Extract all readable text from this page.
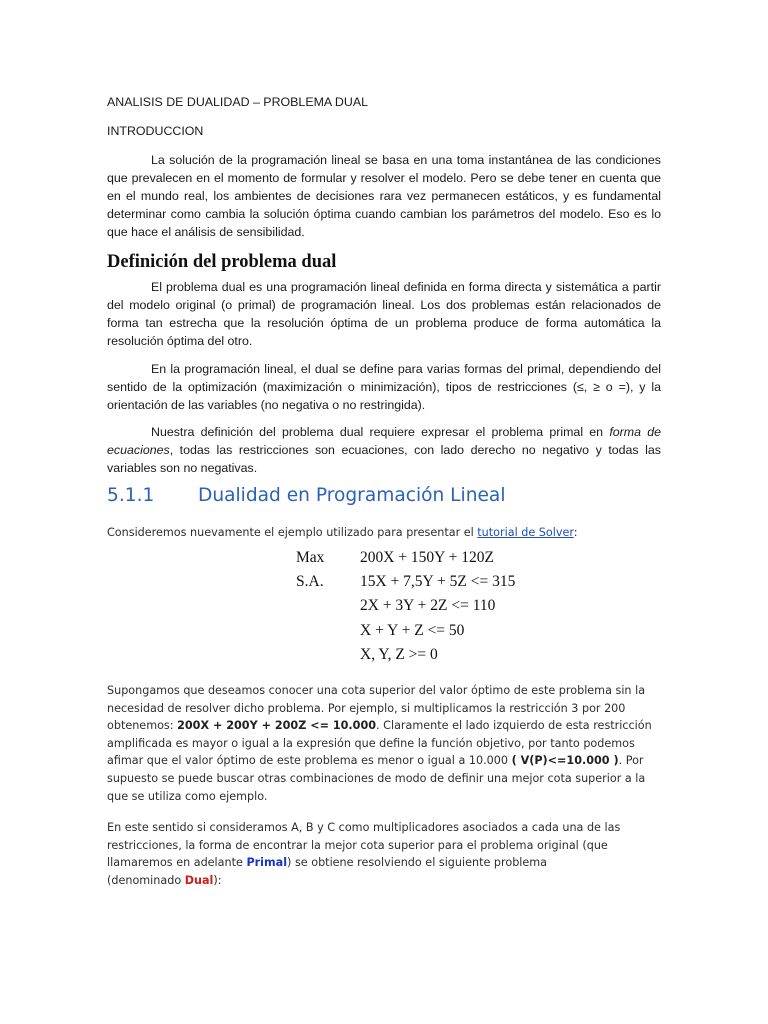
ANALISIS DE DUALIDAD – PROBLEMA DUAL
INTRODUCCION
La solución de la programación lineal se basa en una toma instantánea de las condiciones que prevalecen en el momento de formular y resolver el modelo. Pero se debe tener en cuenta que en el mundo real, los ambientes de decisiones rara vez permanecen estáticos, y es fundamental determinar como cambia la solución óptima cuando cambian los parámetros del modelo. Eso es lo que hace el análisis de sensibilidad.
Definición del problema dual
El problema dual es una programación lineal definida en forma directa y sistemática a partir del modelo original (o primal) de programación lineal. Los dos problemas están relacionados de forma tan estrecha que la resolución óptima de un problema produce de forma automática la resolución óptima del otro.
En la programación lineal, el dual se define para varias formas del primal, dependiendo del sentido de la optimización (maximización o minimización), tipos de restricciones (≤, ≥ o =), y la orientación de las variables (no negativa o no restringida).
Nuestra definición del problema dual requiere expresar el problema primal en forma de ecuaciones, todas las restricciones son ecuaciones, con lado derecho no negativo y todas las variables son no negativas.
5.1.1 Dualidad en Programación Lineal
Consideremos nuevamente el ejemplo utilizado para presentar el tutorial de Solver:
Max 200X + 150Y + 120Z
S.A. 15X + 7,5Y + 5Z <= 315
2X + 3Y + 2Z <= 110
X + Y + Z <= 50
X, Y, Z >= 0
Supongamos que deseamos conocer una cota superior del valor óptimo de este problema sin la necesidad de resolver dicho problema. Por ejemplo, si multiplicamos la restricción 3 por 200 obtenemos: 200X + 200Y + 200Z <= 10.000. Claramente el lado izquierdo de esta restricción amplificada es mayor o igual a la expresión que define la función objetivo, por tanto podemos afimar que el valor óptimo de este problema es menor o igual a 10.000 ( V(P)<=10.000 ). Por supuesto se puede buscar otras combinaciones de modo de definir una mejor cota superior a la que se utiliza como ejemplo.
En este sentido si consideramos A, B y C como multiplicadores asociados a cada una de las restricciones, la forma de encontrar la mejor cota superior para el problema original (que llamaremos en adelante Primal) se obtiene resolviendo el siguiente problema
(denominado Dual):
